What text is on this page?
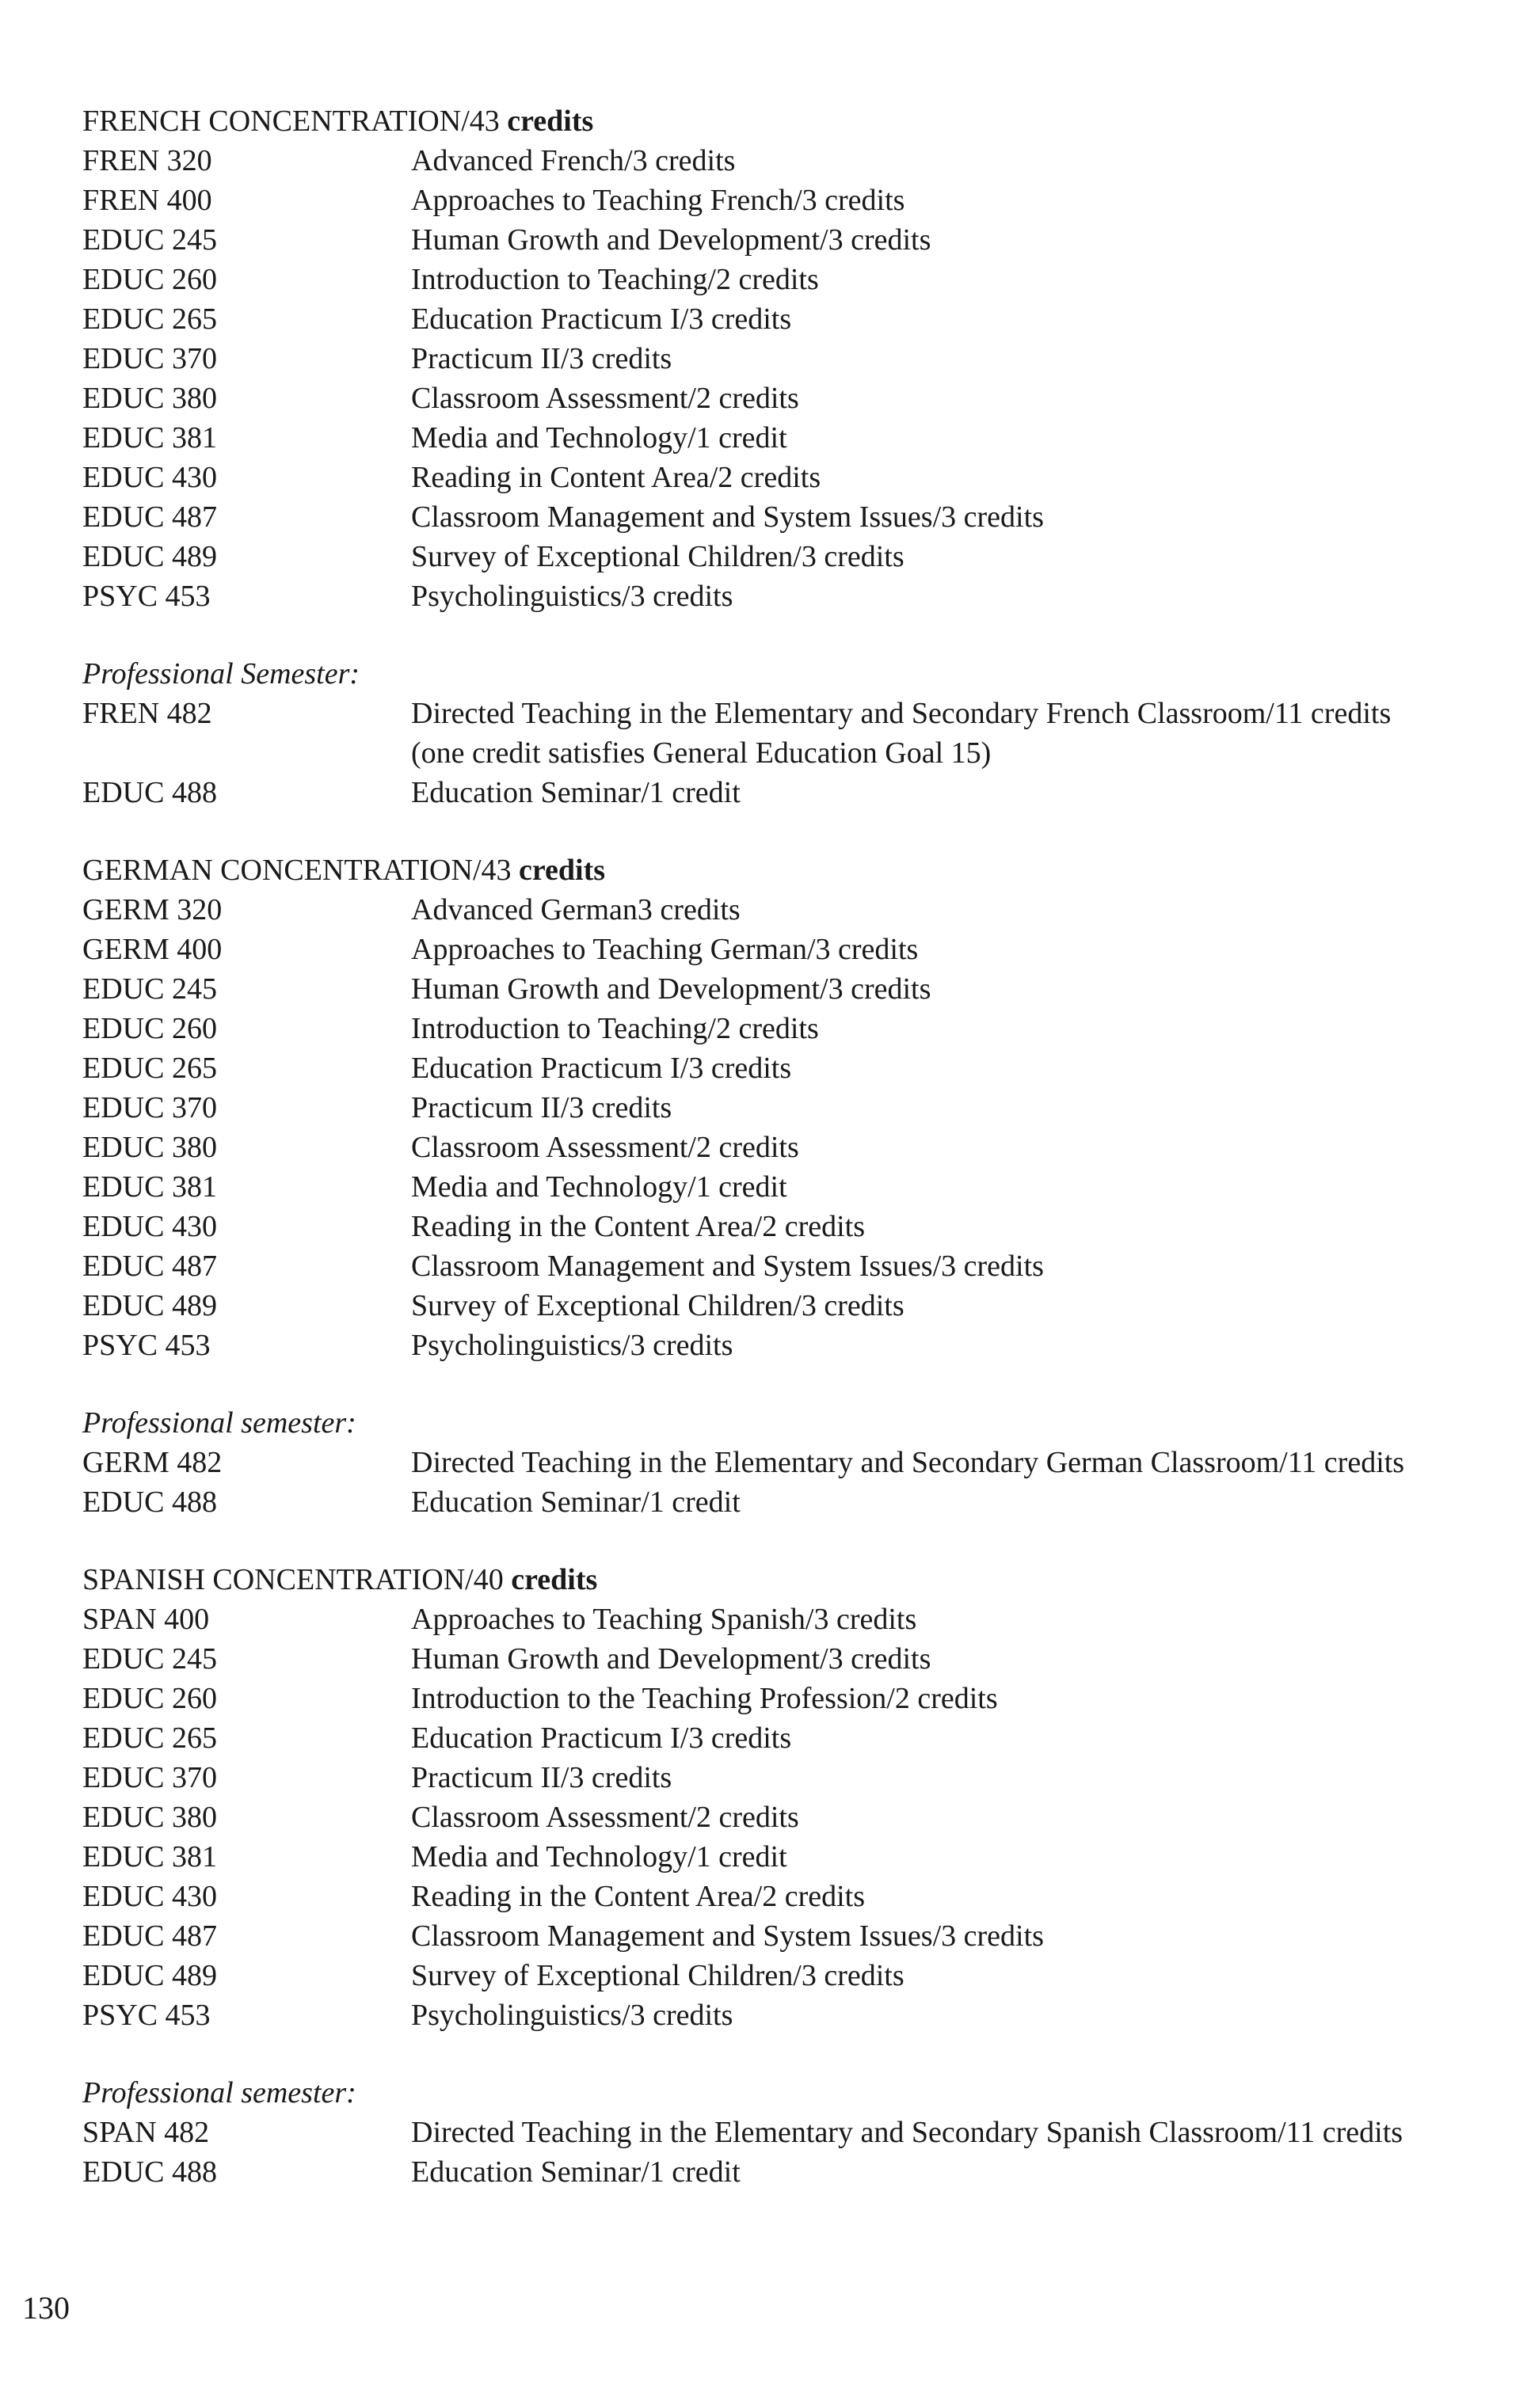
FRENCH CONCENTRATION/43 credits
FREN 320	Advanced French/3 credits
FREN 400	Approaches to Teaching French/3 credits
EDUC 245	Human Growth and Development/3 credits
EDUC 260	Introduction to Teaching/2 credits
EDUC 265	Education Practicum I/3 credits
EDUC 370	Practicum II/3 credits
EDUC 380	Classroom Assessment/2 credits
EDUC 381	Media and Technology/1 credit
EDUC 430	Reading in Content Area/2 credits
EDUC 487	Classroom Management and System Issues/3 credits
EDUC 489	Survey of Exceptional Children/3 credits
PSYC 453	Psycholinguistics/3 credits
Professional Semester:
FREN 482	Directed Teaching in the Elementary and Secondary French Classroom/11 credits
(one credit satisfies General Education Goal 15)
EDUC 488	Education Seminar/1 credit
GERMAN CONCENTRATION/43 credits
GERM 320	Advanced German3 credits
GERM 400	Approaches to Teaching German/3 credits
EDUC 245	Human Growth and Development/3 credits
EDUC 260	Introduction to Teaching/2 credits
EDUC 265	Education Practicum I/3 credits
EDUC 370	Practicum II/3 credits
EDUC 380	Classroom Assessment/2 credits
EDUC 381	Media and Technology/1 credit
EDUC 430	Reading in the Content Area/2 credits
EDUC 487	Classroom Management and System Issues/3 credits
EDUC 489	Survey of Exceptional Children/3 credits
PSYC 453	Psycholinguistics/3 credits
Professional semester:
GERM 482	Directed Teaching in the Elementary and Secondary German Classroom/11 credits
EDUC 488	Education Seminar/1 credit
SPANISH CONCENTRATION/40 credits
SPAN 400	Approaches to Teaching Spanish/3 credits
EDUC 245	Human Growth and Development/3 credits
EDUC 260	Introduction to the Teaching Profession/2 credits
EDUC 265	Education Practicum I/3 credits
EDUC 370	Practicum II/3 credits
EDUC 380	Classroom Assessment/2 credits
EDUC 381	Media and Technology/1 credit
EDUC 430	Reading in the Content Area/2 credits
EDUC 487	Classroom Management and System Issues/3 credits
EDUC 489	Survey of Exceptional Children/3 credits
PSYC 453	Psycholinguistics/3 credits
Professional semester:
SPAN 482	Directed Teaching in the Elementary and Secondary Spanish Classroom/11 credits
EDUC 488	Education Seminar/1 credit
130
